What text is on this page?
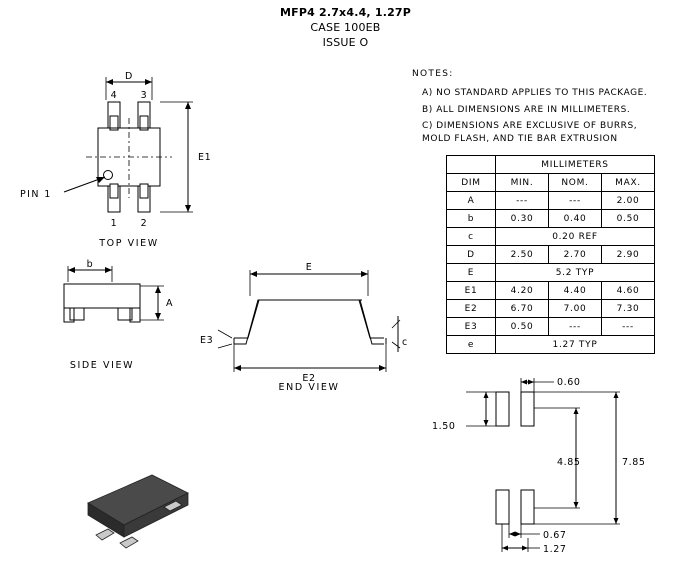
MFP4 2.7x4.4, 1.27P
CASE 100EB
ISSUE O
NOTES:
A) NO STANDARD APPLIES TO THIS PACKAGE.
B) ALL DIMENSIONS ARE IN MILLIMETERS.
C) DIMENSIONS ARE EXCLUSIVE OF BURRS,
MOLD FLASH, AND TIE BAR EXTRUSION
	MILLIMETERS		
DIM	MIN.	NOM.	MAX.
A	---	---	2.00
b	0.30	0.40	0.50
c	0.20 REF		
D	2.50	2.70	2.90
E	5.2 TYP		
E1	4.20	4.40	4.60
E2	6.70	7.00	7.30
E3	0.50	---	---
e	1.27 TYP		
D
E1
4 3
1 2
PIN 1
TOP VIEW
b
A
SIDE VIEW
E
E2
E3	c
END VIEW	0.60
1.50
4.85	7.85
0.67
1.27
